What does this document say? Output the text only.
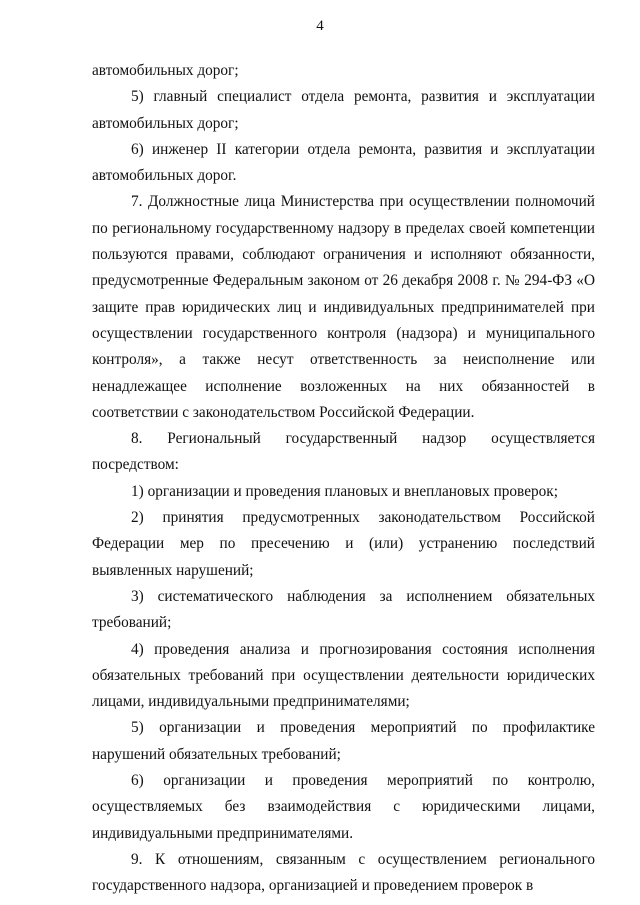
4

автомобильных дорог;

5) главный специалист отдела ремонта, развития и эксплуатации автомобильных дорог;

6) инженер II категории отдела ремонта, развития и эксплуатации автомобильных дорог.

7. Должностные лица Министерства при осуществлении полномочий по региональному государственному надзору в пределах своей компетенции пользуются правами, соблюдают ограничения и исполняют обязанности, предусмотренные Федеральным законом от 26 декабря 2008 г. № 294-ФЗ «О защите прав юридических лиц и индивидуальных предпринимателей при осуществлении государственного контроля (надзора) и муниципального контроля», а также несут ответственность за неисполнение или ненадлежащее исполнение возложенных на них обязанностей в соответствии с законодательством Российской Федерации.

8. Региональный государственный надзор осуществляется посредством:

1) организации и проведения плановых и внеплановых проверок;

2) принятия предусмотренных законодательством Российской Федерации мер по пресечению и (или) устранению последствий выявленных нарушений;

3) систематического наблюдения за исполнением обязательных требований;

4) проведения анализа и прогнозирования состояния исполнения обязательных требований при осуществлении деятельности юридических лицами, индивидуальными предпринимателями;

5) организации и проведения мероприятий по профилактике нарушений обязательных требований;

6) организации и проведения мероприятий по контролю, осуществляемых без взаимодействия с юридическими лицами, индивидуальными предпринимателями.

9. К отношениям, связанным с осуществлением регионального государственного надзора, организацией и проведением проверок в
